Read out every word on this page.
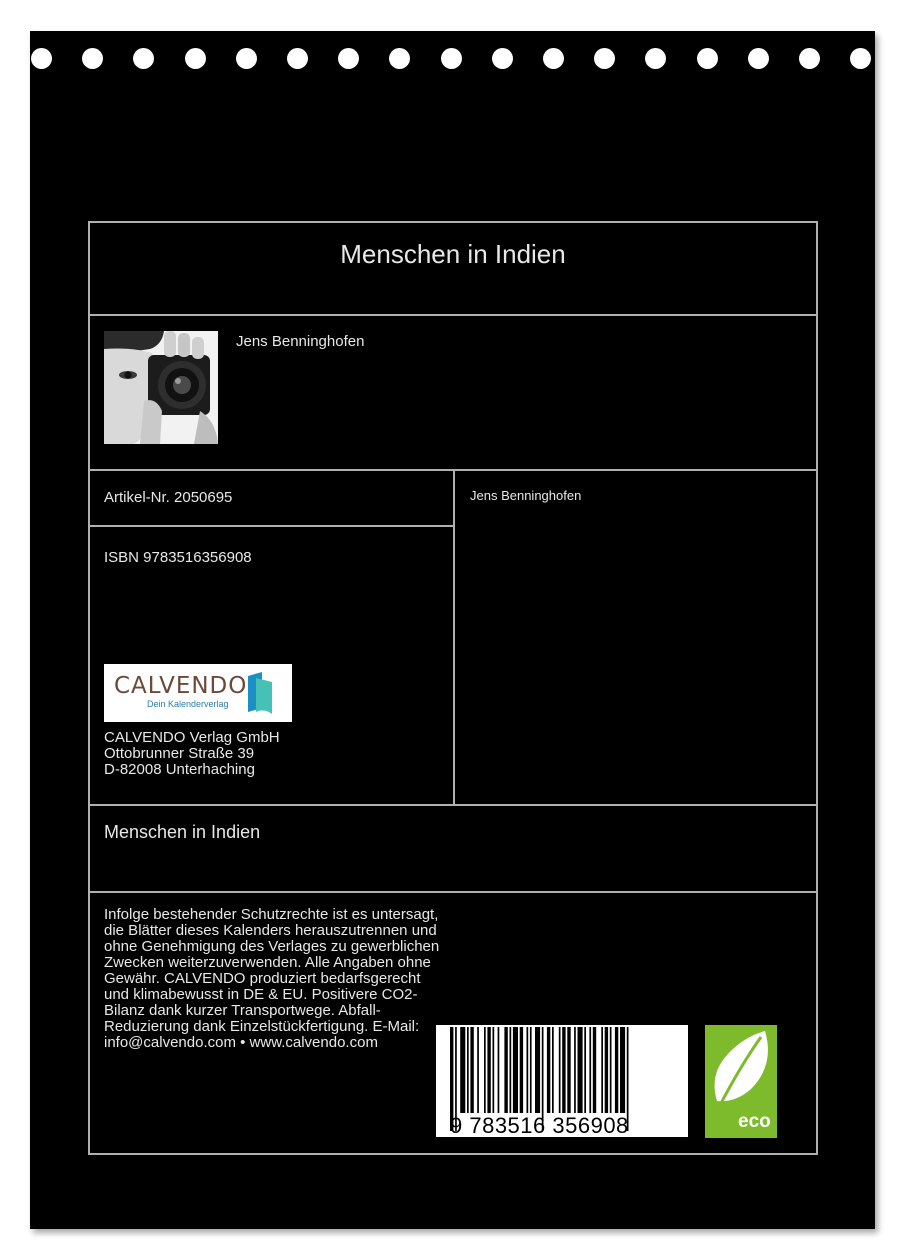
Menschen in Indien
Jens Benninghofen
Artikel-Nr. 2050695
ISBN 9783516356908
Jens Benninghofen
CALVENDO
Dein Kalenderverlag
CALVENDO Verlag GmbH
Ottobrunner Straße 39
D-82008 Unterhaching
Menschen in Indien
Infolge bestehender Schutzrechte ist es untersagt, die Blätter dieses Kalenders herauszutrennen und ohne Genehmigung des Verlages zu gewerblichen Zwecken weiterzuverwenden. Alle Angaben ohne Gewähr. CALVENDO produziert bedarfsgerecht und klimabewusst in DE & EU. Positivere CO2-Bilanz dank kurzer Transportwege. Abfall-Reduzierung dank Einzelstückfertigung. E-Mail: info@calvendo.com • www.calvendo.com
9 783516 356908	eco
